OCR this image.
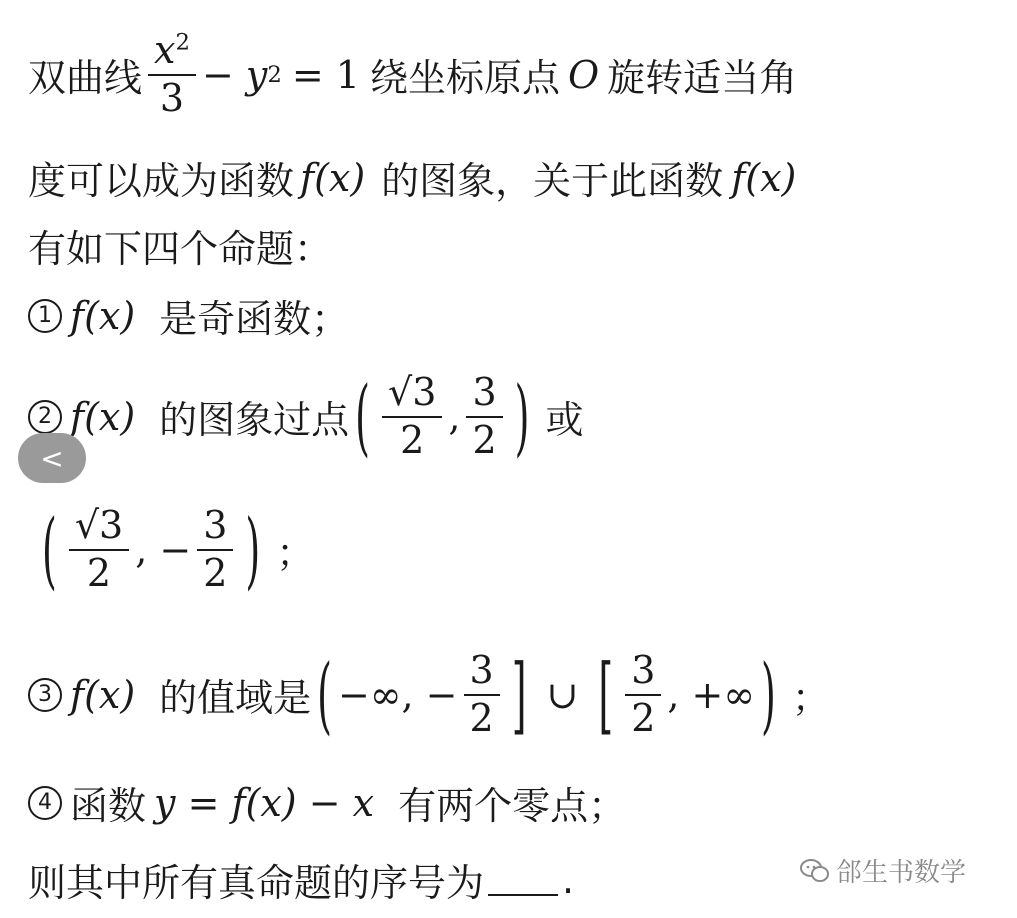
双曲线 $\frac{x^2}{3} - y$ 2 = 1 绕坐标原点 O 旋转适当角
度可以成为函数 f(x) 的图象，关于此函数 f(x)
有如下四个命题：
1 f(x) 是奇函数；
2 f(x) 的图象过点 ( $\frac{√3}{2}$ , $\frac{3}{2}$ ) 或
( $\frac{√3}{2}$ , − $\frac{3}{2}$ ) ；
3 f(x) 的值域是 ( −∞, − $\frac{3}{2}$ ] ∪ [ $\frac{3}{2}$ , +∞ ) ；
4 函数 y = f(x) − x 有两个零点；
则其中所有真命题的序号为 .
<
郃生书数学
